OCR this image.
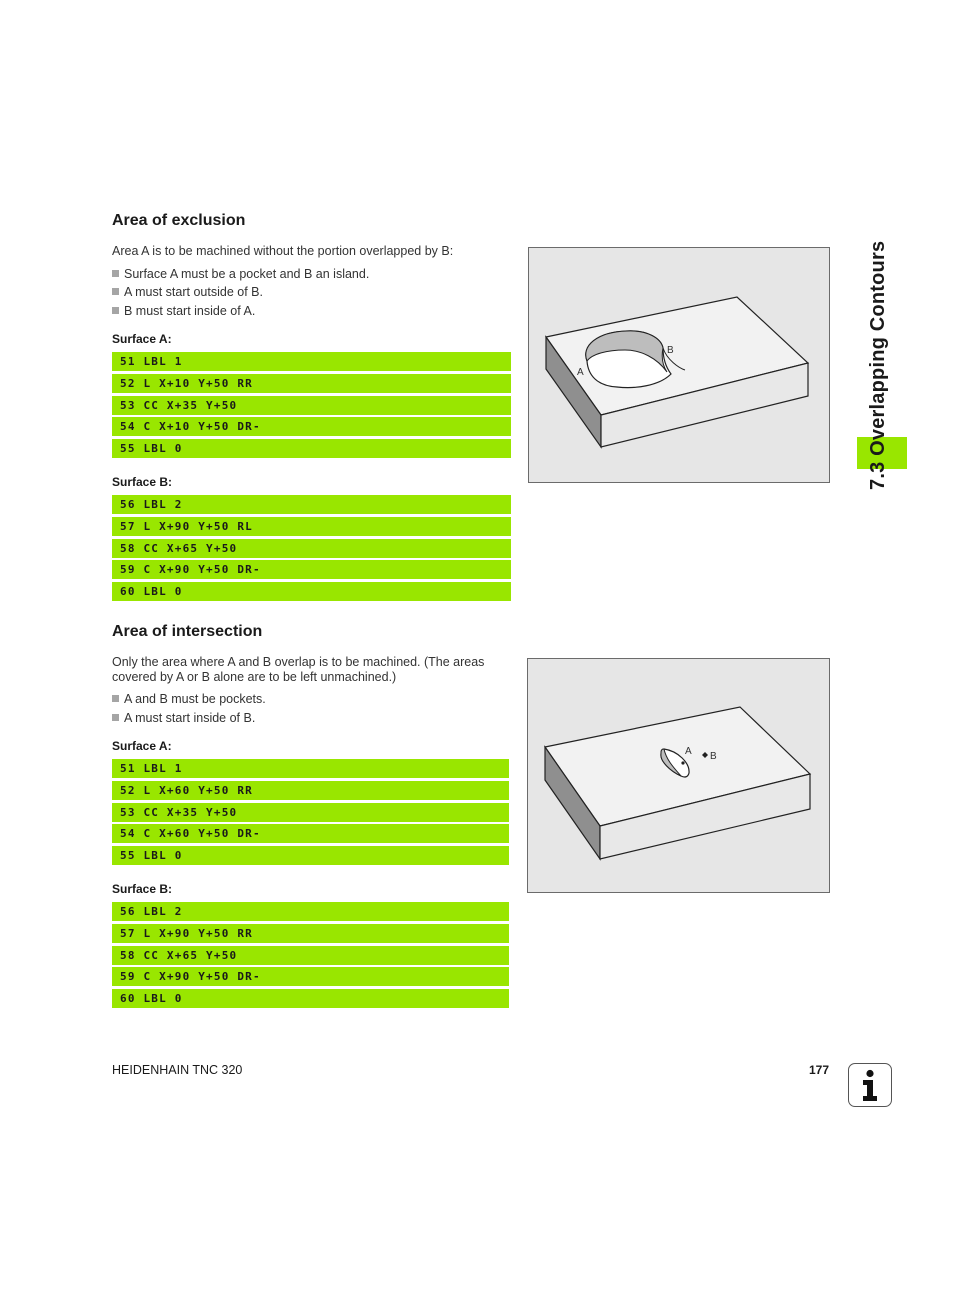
Area of exclusion
Area A is to be machined without the portion overlapped by B:
Surface A must be a pocket and B an island.
A must start outside of B.
B must start inside of A.
Surface A:
51 LBL 1
52 L X+10 Y+50 RR
53 CC X+35 Y+50
54 C X+10 Y+50 DR-
55 LBL 0
Surface B:
56 LBL 2
57 L X+90 Y+50 RL
58 CC X+65 Y+50
59 C X+90 Y+50 DR-
60 LBL 0
B
A
Area of intersection
Only the area where A and B overlap is to be machined. (The areas
covered by A or B alone are to be left unmachined.)
A and B must be pockets.
A must start inside of B.
Surface A:
51 LBL 1
52 L X+60 Y+50 RR
53 CC X+35 Y+50
54 C X+60 Y+50 DR-
55 LBL 0
Surface B:
56 LBL 2
57 L X+90 Y+50 RR
58 CC X+65 Y+50
59 C X+90 Y+50 DR-
60 LBL 0
A B
7.3 Overlapping Contours
HEIDENHAIN TNC 320	177
